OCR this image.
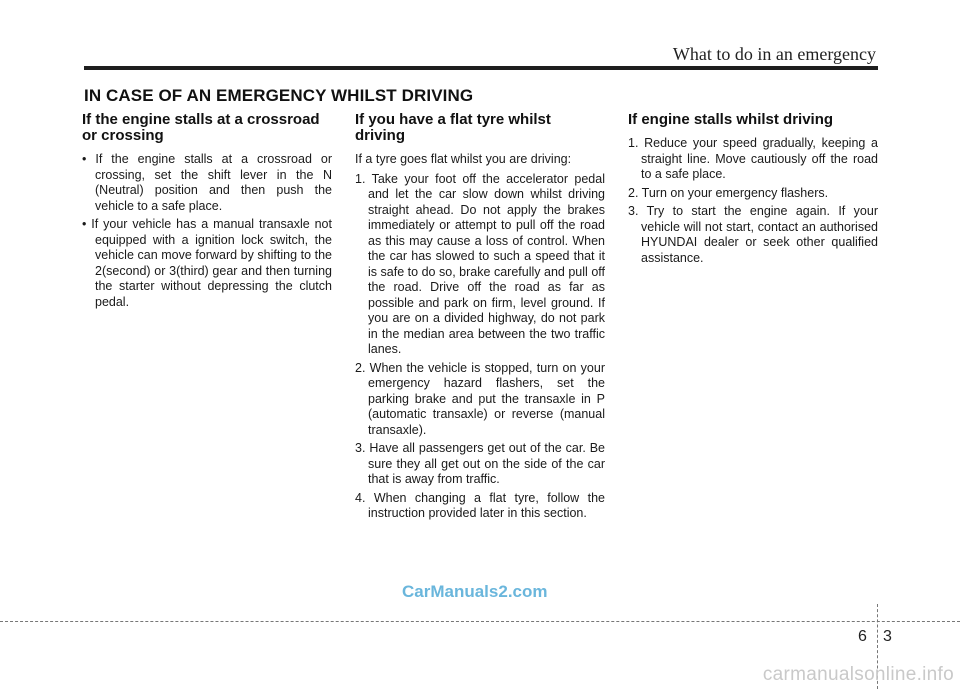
What to do in an emergency
IN CASE OF AN EMERGENCY WHILST DRIVING
If the engine stalls at a crossroad or crossing
• If the engine stalls at a crossroad or crossing, set the shift lever in the N (Neutral) position and then push the vehicle to a safe place.
• If your vehicle has a manual transaxle not equipped with a ignition lock switch, the vehicle can move forward by shifting to the 2(second) or 3(third) gear and then turning the starter without depressing the clutch pedal.
If you have a flat tyre whilst driving

If a tyre goes flat whilst you are driving:

1. Take your foot off the accelerator pedal and let the car slow down whilst driving straight ahead. Do not apply the brakes immediately or attempt to pull off the road as this may cause a loss of control. When the car has slowed to such a speed that it is safe to do so, brake carefully and pull off the road. Drive off the road as far as possible and park on firm, level ground. If you are on a divided highway, do not park in the median area between the two traffic lanes.
2. When the vehicle is stopped, turn on your emergency hazard flashers, set the parking brake and put the transaxle in P (automatic transaxle) or reverse (manual transaxle).
3. Have all passengers get out of the car. Be sure they all get out on the side of the car that is away from traffic.
4. When changing a flat tyre, follow the instruction provided later in this section.
If engine stalls whilst driving
1. Reduce your speed gradually, keeping a straight line. Move cautiously off the road to a safe place.
2. Turn on your emergency flashers.
3. Try to start the engine again. If your vehicle will not start, contact an authorised HYUNDAI dealer or seek other qualified assistance.
CarManuals2.com
6 3
carmanualsonline.info
